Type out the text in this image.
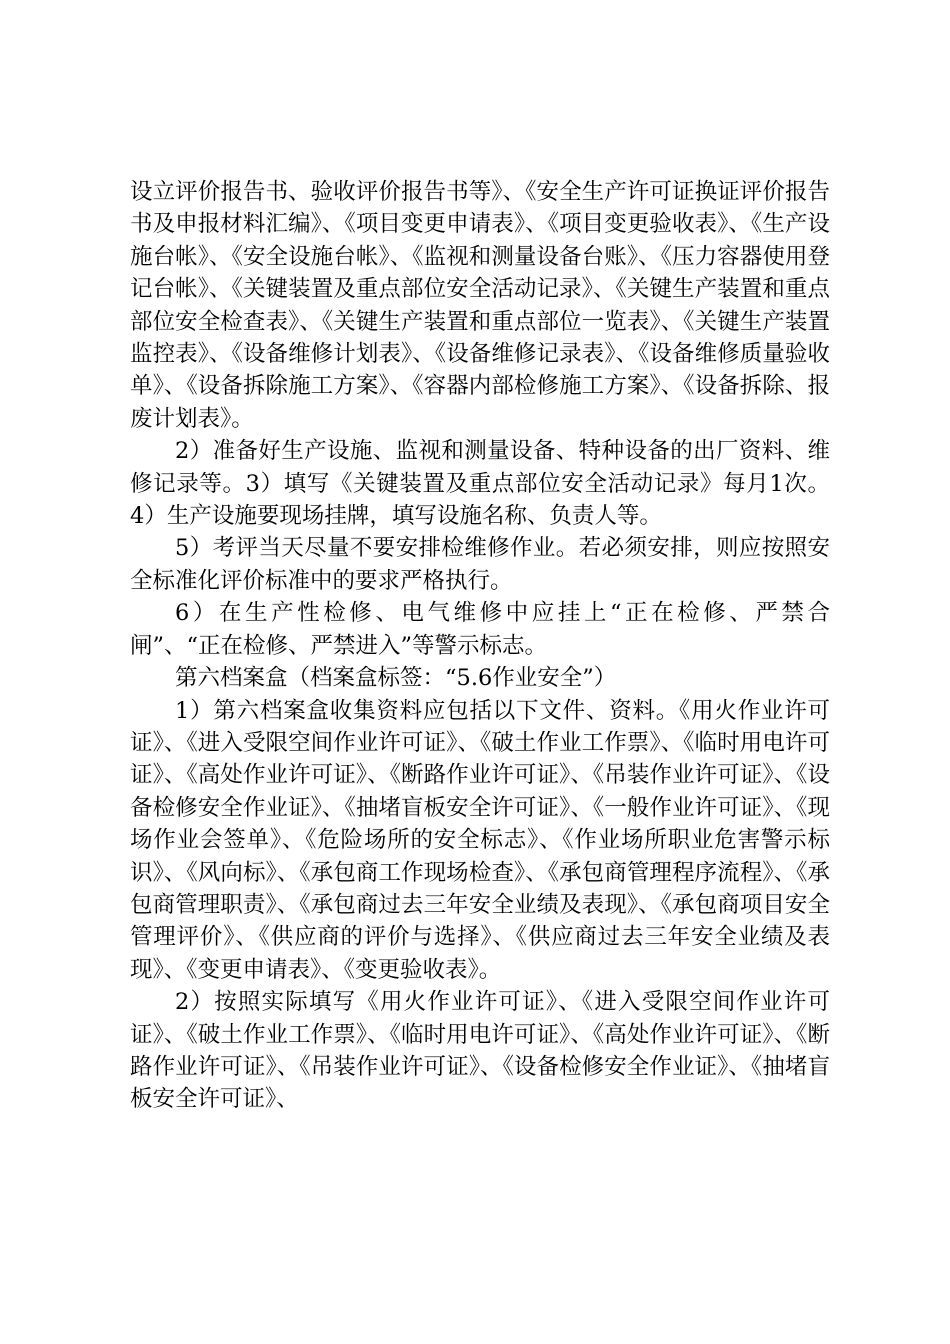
设立评价报告书、验收评价报告书等》、《安全生产许可证换证评价报告书及申报材料汇编》、《项目变更申请表》、《项目变更验收表》、《生产设施台帐》、《安全设施台帐》、《监视和测量设备台账》、《压力容器使用登记台帐》、《关键装置及重点部位安全活动记录》、《关键生产装置和重点部位安全检查表》、《关键生产装置和重点部位一览表》、《关键生产装置监控表》、《设备维修计划表》、《设备维修记录表》、《设备维修质量验收单》、《设备拆除施工方案》、《容器内部检修施工方案》、《设备拆除、报废计划表》。

2）准备好生产设施、监视和测量设备、特种设备的出厂资料、维修记录等。3）填写《关键装置及重点部位安全活动记录》每月1次。4）生产设施要现场挂牌，填写设施名称、负责人等。

5）考评当天尽量不要安排检维修作业。若必须安排，则应按照安全标准化评价标准中的要求严格执行。

6）在生产性检修、电气维修中应挂上“正在检修、严禁合闸”、“正在检修、严禁进入”等警示标志。

第六档案盒（档案盒标签：“5.6作业安全”）

1）第六档案盒收集资料应包括以下文件、资料。《用火作业许可证》、《进入受限空间作业许可证》、《破土作业工作票》、《临时用电许可证》、《高处作业许可证》、《断路作业许可证》、《吊装作业许可证》、《设备检修安全作业证》、《抽堵盲板安全许可证》、《一般作业许可证》、《现场作业会签单》、《危险场所的安全标志》、《作业场所职业危害警示标识》、《风向标》、《承包商工作现场检查》、《承包商管理程序流程》、《承包商管理职责》、《承包商过去三年安全业绩及表现》、《承包商项目安全管理评价》、《供应商的评价与选择》、《供应商过去三年安全业绩及表现》、《变更申请表》、《变更验收表》。

2）按照实际填写《用火作业许可证》、《进入受限空间作业许可证》、《破土作业工作票》、《临时用电许可证》、《高处作业许可证》、《断路作业许可证》、《吊装作业许可证》、《设备检修安全作业证》、《抽堵盲板安全许可证》、
